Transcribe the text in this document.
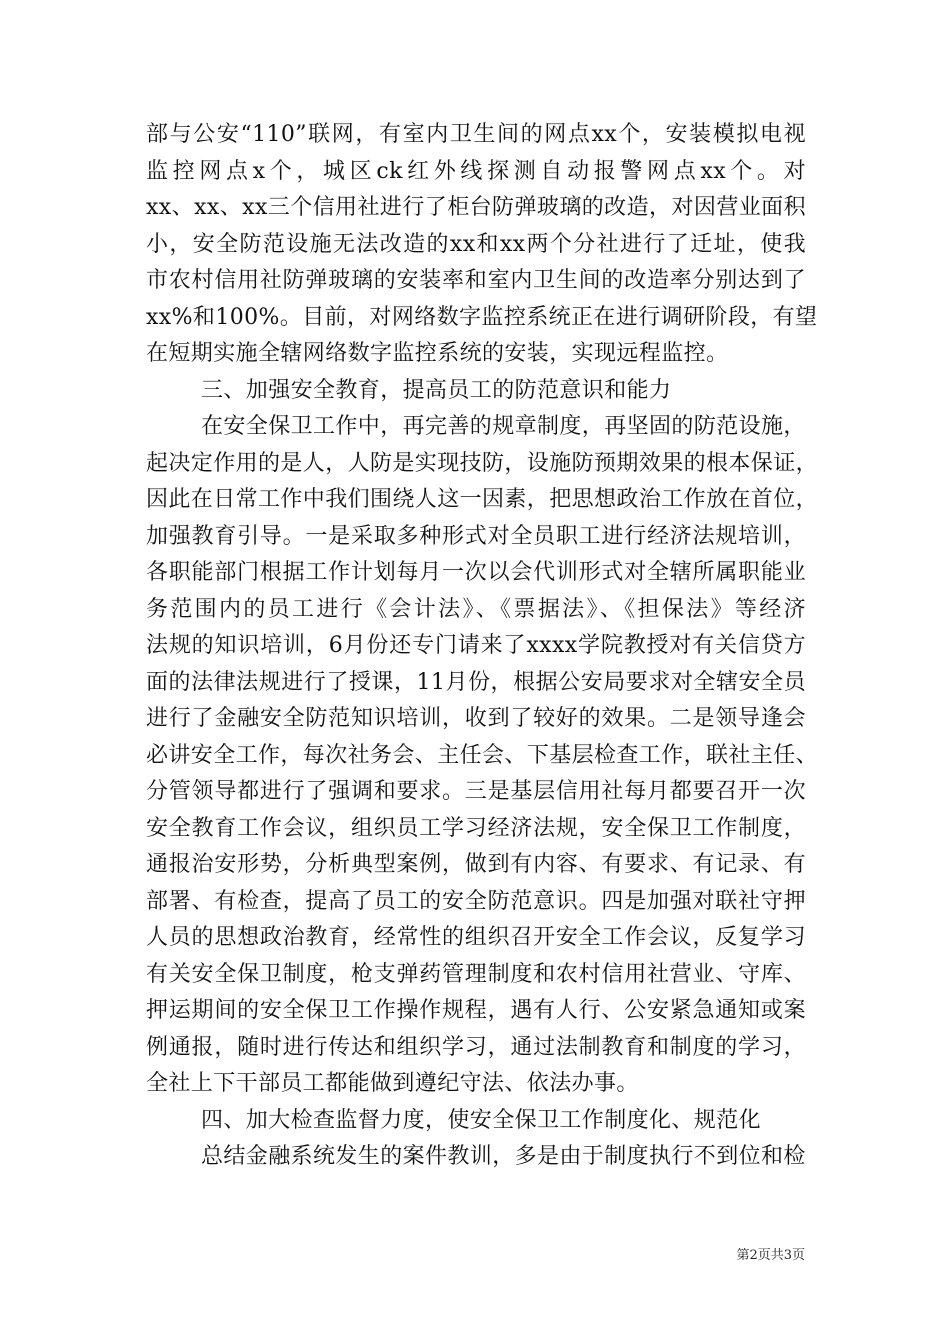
部与公安“110”联网，有室内卫生间的网点xx个，安装模拟电视
监控网点x个，城区ck红外线探测自动报警网点xx个。对
xx、xx、xx三个信用社进行了柜台防弹玻璃的改造，对因营业面积
小，安全防范设施无法改造的xx和xx两个分社进行了迁址，使我
市农村信用社防弹玻璃的安装率和室内卫生间的改造率分别达到了
xx%和100%。目前，对网络数字监控系统正在进行调研阶段，有望
在短期实施全辖网络数字监控系统的安装，实现远程监控。
三、加强安全教育，提高员工的防范意识和能力
在安全保卫工作中，再完善的规章制度，再坚固的防范设施，
起决定作用的是人，人防是实现技防，设施防预期效果的根本保证，
因此在日常工作中我们围绕人这一因素，把思想政治工作放在首位，
加强教育引导。一是采取多种形式对全员职工进行经济法规培训，
各职能部门根据工作计划每月一次以会代训形式对全辖所属职能业
务范围内的员工进行《会计法》、《票据法》、《担保法》等经济
法规的知识培训，6月份还专门请来了xxxx学院教授对有关信贷方
面的法律法规进行了授课，11月份，根据公安局要求对全辖安全员
进行了金融安全防范知识培训，收到了较好的效果。二是领导逢会
必讲安全工作，每次社务会、主任会、下基层检查工作，联社主任、
分管领导都进行了强调和要求。三是基层信用社每月都要召开一次
安全教育工作会议，组织员工学习经济法规，安全保卫工作制度，
通报治安形势，分析典型案例，做到有内容、有要求、有记录、有
部署、有检查，提高了员工的安全防范意识。四是加强对联社守押
人员的思想政治教育，经常性的组织召开安全工作会议，反复学习
有关安全保卫制度，枪支弹药管理制度和农村信用社营业、守库、
押运期间的安全保卫工作操作规程，遇有人行、公安紧急通知或案
例通报，随时进行传达和组织学习，通过法制教育和制度的学习，
全社上下干部员工都能做到遵纪守法、依法办事。
四、加大检查监督力度，使安全保卫工作制度化、规范化
总结金融系统发生的案件教训，多是由于制度执行不到位和检
第2页共3页
